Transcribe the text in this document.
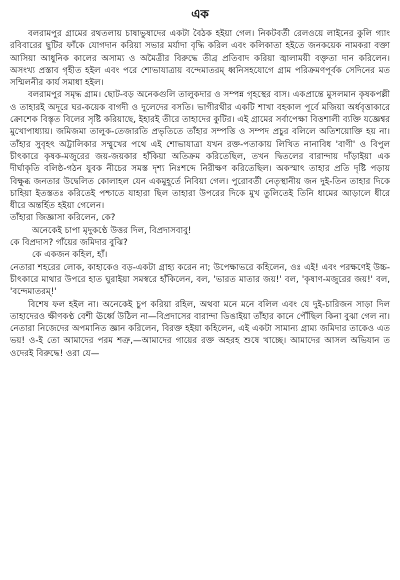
এক

বলরামপুর গ্রামের রথতলায় চাষাভুষাদের একটা বৈঠক হইয়া গেল। নিকটবর্তী রেলওয়ে লাইনের কুলি গ্যাং রবিবারের ছুটির ফাঁকে যোগদান করিয়া সভার মর্যাদা বৃদ্ধি করিল এবং কলিকাতা হইতে জনকয়েক নামকরা বক্তা আসিয়া আধুনিক কালের অসাম্য ও অমৈত্রীর বিরুদ্ধে তীব্র প্রতিবাদ করিয়া জ্বালাময়ী বক্তৃতা দান করিলেন। অসংখ্য প্রস্তাব গৃহীত হইল এবং পরে শোভাযাত্রায় বন্দেমাতরম্ ধ্বনিসহযোগে গ্রাম পরিক্রমণপূর্বক সেদিনের মত সম্মিলনীর কার্য সমাধা হইল।

বলরামপুর সমৃদ্ধ গ্রাম। ছোট-বড় অনেকগুলি তালুকদার ও সম্পন্ন গৃহস্থের বাস। একপ্রান্তে মুসলমান কৃষকপল্লী ও তাহারই অদূরে ঘর-কয়েক বাগদী ও দুলেদের বসতি। ভাগীরথীর একটি শাখা বহকাল পূর্বে মজিয়া অর্ধবৃত্তাকারে ক্রোশেক বিস্তৃত বিলের সৃষ্টি করিয়াছে, ইহারই তীরে তাহাদের কুটির। এই গ্রামের সর্বাপেক্ষা বিত্তশালী ব্যক্তি যজ্ঞেশ্বর মুখোপাধ্যায়। জমিজমা তালুক-তেজারতি প্রভৃতিতে তাঁহার সম্পত্তি ও সম্পদ প্রচুর বলিলে অতিশয়োক্তি হয় না। তাঁহার সুবৃহৎ অট্টালিকার সম্মুখের পথে এই শোভাযাত্রা যখন রক্ত-পতাকায় লিখিত নানাবিধ 'বাণী' ও বিপুল চীৎকারে কৃষক-মজুরের জয়-জয়কার হাঁকিয়া অতিক্রম করিতেছিল, তখন দ্বিতলের বারান্দায় দাঁড়াইয়া এক দীর্ঘাকৃতি বলিষ্ঠ-গঠন যুবক নীচের সমস্ত দৃশ্য নিঃশব্দে নিরীক্ষণ করিতেছিল। অকস্মাৎ তাহার প্রতি দৃষ্টি পড়ায় বিক্ষুব্ধ জনতার উদ্বেলিত কোলাহল যেন একমুহূর্তে নিবিয়া গেল। পুরোবর্তী নেতৃস্থানীয় জন দুই-তিন তাহার দিকে চাহিয়া ইতস্ততঃ করিতেই পশ্চাতে যাহারা ছিল তাহারা উপরের দিকে মুখ তুলিতেই তিনি ধামের আড়ালে ধীরে ধীরে অন্তর্হিত হইয়া গেলেন।

তাঁহারা জিজ্ঞাসা করিলেন, কে?

অনেকেই চাপা মৃদুকণ্ঠে উত্তর দিল, বিপ্রদাসবাবু!

কে বিপ্রদাস? গাঁয়ের জমিদার বুঝি?

কে একজন কহিল, হাঁ।

নেতারা শহরের লোক, কাহাকেও বড়-একটা গ্রাহ্য করেন না; উপেক্ষাভরে কহিলেন, ওঃ এই! এবং পরক্ষণেই উচ্চ-চীৎকারে মাথার উপরে হাত ঘুরাইয়া সমস্বরে হাঁকিলেন, বল, 'ভারত মাতার জয়!' বল, 'কৃষাণ-মজুরের জয়!' বল, 'বন্দেমাতরম্!'

বিশেষ ফল হইল না। অনেকেই চুপ করিয়া রহিল, অথবা মনে মনে বলিল এবং যে দুই-চারিজন সাড়া দিল তাহাদেরও ক্ষীণকণ্ঠ বেশী ঊর্ধ্বে উঠিল না—বিপ্রদাসের বারান্দা ডিঙাইয়া তাঁহার কানে পৌঁছিল কিনা বুঝা গেল না। নেতারা নিজেদের অপমানিত জ্ঞান করিলেন, বিরক্ত হইয়া কহিলেন, এই একটা সামান্য গ্রাম্য জমিদার তাকেও এত ভয়! ও-ই তো আমাদের পরম শত্রু,—আমাদের গায়ের রক্ত অহরহ শুষে খাচ্ছে। আমাদের আসল অভিযান ত ওদেরই বিরুদ্ধে! ওরা যে—
